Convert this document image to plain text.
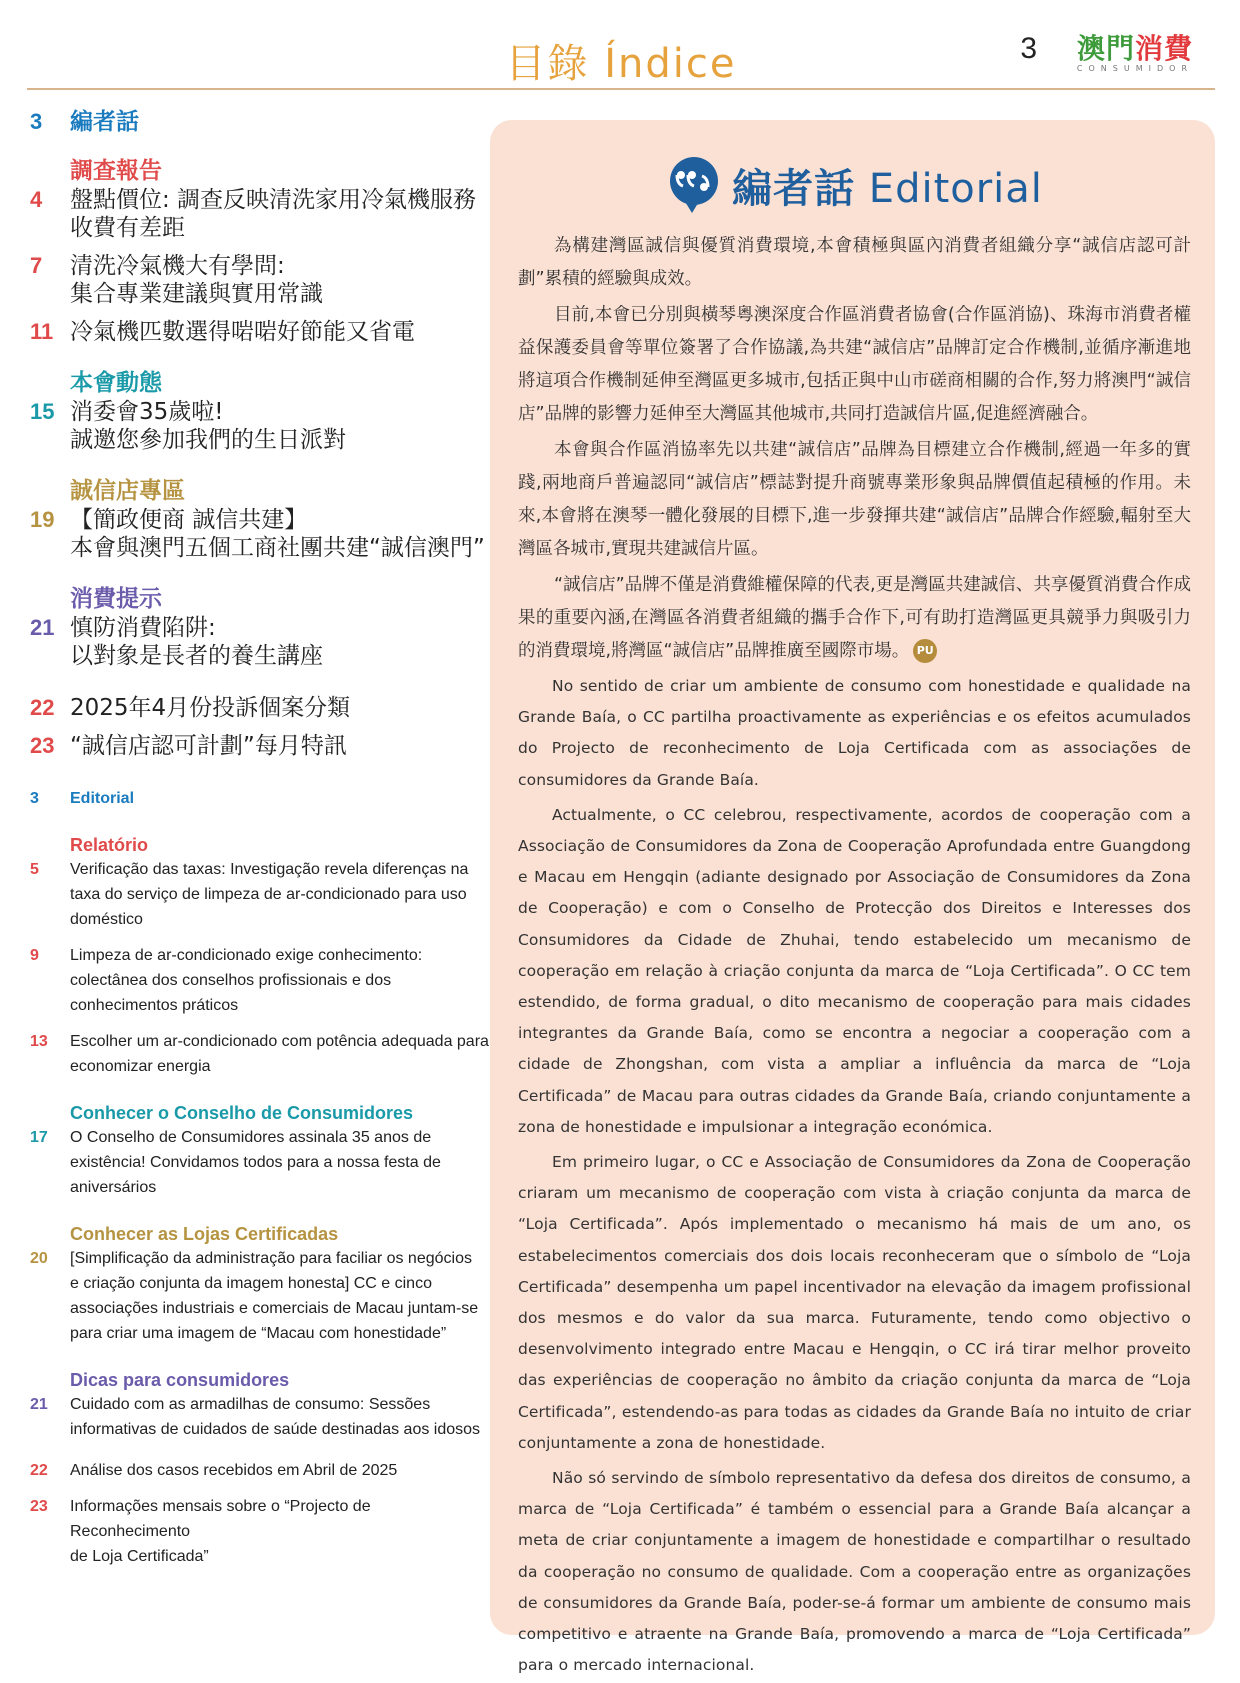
目錄 Índice	3 澳門消費
CONSUMIDOR
3	編者話
調查報告
4	盤點價位: 調查反映清洗家用冷氣機服務
收費有差距
7	清洗冷氣機大有學問:
集合專業建議與實用常識
11 冷氣機匹數選得啱啱好節能又省電
本會動態
15 消委會35歲啦!
誠邀您參加我們的生日派對
誠信店專區
19 【簡政便商 誠信共建】
本會與澳門五個工商社團共建“誠信澳門”
消費提示
21 慎防消費陷阱:
以對象是長者的養生講座
22 2025年4月份投訴個案分類
23 “誠信店認可計劃”每月特訊
3	Editorial
Relatório
5	Verificação das taxas: Investigação revela diferenças na
taxa do serviço de limpeza de ar-condicionado para uso
doméstico
9	Limpeza de ar-condicionado exige conhecimento:
colectânea dos conselhos profissionais e dos
conhecimentos práticos
13	Escolher um ar-condicionado com potência adequada para
economizar energia
Conhecer o Conselho de Consumidores
17	O Conselho de Consumidores assinala 35 anos de
existência! Convidamos todos para a nossa festa de
aniversários
Conhecer as Lojas Certificadas
20	[Simplificação da administração para faciliar os negócios
e criação conjunta da imagem honesta] CC e cinco
associações industriais e comerciais de Macau juntam-se
para criar uma imagem de “Macau com honestidade”
Dicas para consumidores
21	Cuidado com as armadilhas de consumo: Sessões
informativas de cuidados de saúde destinadas aos idosos
22	Análise dos casos recebidos em Abril de 2025
23	Informações mensais sobre o “Projecto de Reconhecimento
de Loja Certificada”
編者話 Editorial

為構建灣區誠信與優質消費環境,本會積極與區內消費者組織分享“誠信店認可計劃”累積的經驗與成效。

目前,本會已分別與橫琴粵澳深度合作區消費者協會(合作區消協)、珠海市消費者權益保護委員會等單位簽署了合作協議,為共建“誠信店”品牌訂定合作機制,並循序漸進地將這項合作機制延伸至灣區更多城市,包括正與中山市磋商相關的合作,努力將澳門“誠信店”品牌的影響力延伸至大灣區其他城市,共同打造誠信片區,促進經濟融合。

本會與合作區消協率先以共建“誠信店”品牌為目標建立合作機制,經過一年多的實踐,兩地商戶普遍認同“誠信店”標誌對提升商號專業形象與品牌價值起積極的作用。未來,本會將在澳琴一體化發展的目標下,進一步發揮共建“誠信店”品牌合作經驗,輻射至大灣區各城市,實現共建誠信片區。

“誠信店”品牌不僅是消費維權保障的代表,更是灣區共建誠信、共享優質消費合作成果的重要內涵,在灣區各消費者組織的攜手合作下,可有助打造灣區更具競爭力與吸引力的消費環境,將灣區“誠信店”品牌推廣至國際市場。 PU

No sentido de criar um ambiente de consumo com honestidade e qualidade na Grande Baía, o CC partilha proactivamente as experiências e os efeitos acumulados do Projecto de reconhecimento de Loja Certificada com as associações de consumidores da Grande Baía.

Actualmente, o CC celebrou, respectivamente, acordos de cooperação com a Associação de Consumidores da Zona de Cooperação Aprofundada entre Guangdong e Macau em Hengqin (adiante designado por Associação de Consumidores da Zona de Cooperação) e com o Conselho de Protecção dos Direitos e Interesses dos Consumidores da Cidade de Zhuhai, tendo estabelecido um mecanismo de cooperação em relação à criação conjunta da marca de “Loja Certificada”. O CC tem estendido, de forma gradual, o dito mecanismo de cooperação para mais cidades integrantes da Grande Baía, como se encontra a negociar a cooperação com a cidade de Zhongshan, com vista a ampliar a influência da marca de “Loja Certificada” de Macau para outras cidades da Grande Baía, criando conjuntamente a zona de honestidade e impulsionar a integração económica.

Em primeiro lugar, o CC e Associação de Consumidores da Zona de Cooperação criaram um mecanismo de cooperação com vista à criação conjunta da marca de “Loja Certificada”. Após implementado o mecanismo há mais de um ano, os estabelecimentos comerciais dos dois locais reconheceram que o símbolo de “Loja Certificada” desempenha um papel incentivador na elevação da imagem profissional dos mesmos e do valor da sua marca. Futuramente, tendo como objectivo o desenvolvimento integrado entre Macau e Hengqin, o CC irá tirar melhor proveito das experiências de cooperação no âmbito da criação conjunta da marca de “Loja Certificada”, estendendo-as para todas as cidades da Grande Baía no intuito de criar conjuntamente a zona de honestidade.

Não só servindo de símbolo representativo da defesa dos direitos de consumo, a marca de “Loja Certificada” é também o essencial para a Grande Baía alcançar a meta de criar conjuntamente a imagem de honestidade e compartilhar o resultado da cooperação no consumo de qualidade. Com a cooperação entre as organizações de consumidores da Grande Baía, poder-se-á formar um ambiente de consumo mais competitivo e atraente na Grande Baía, promovendo a marca de “Loja Certificada” para o mercado internacional.
